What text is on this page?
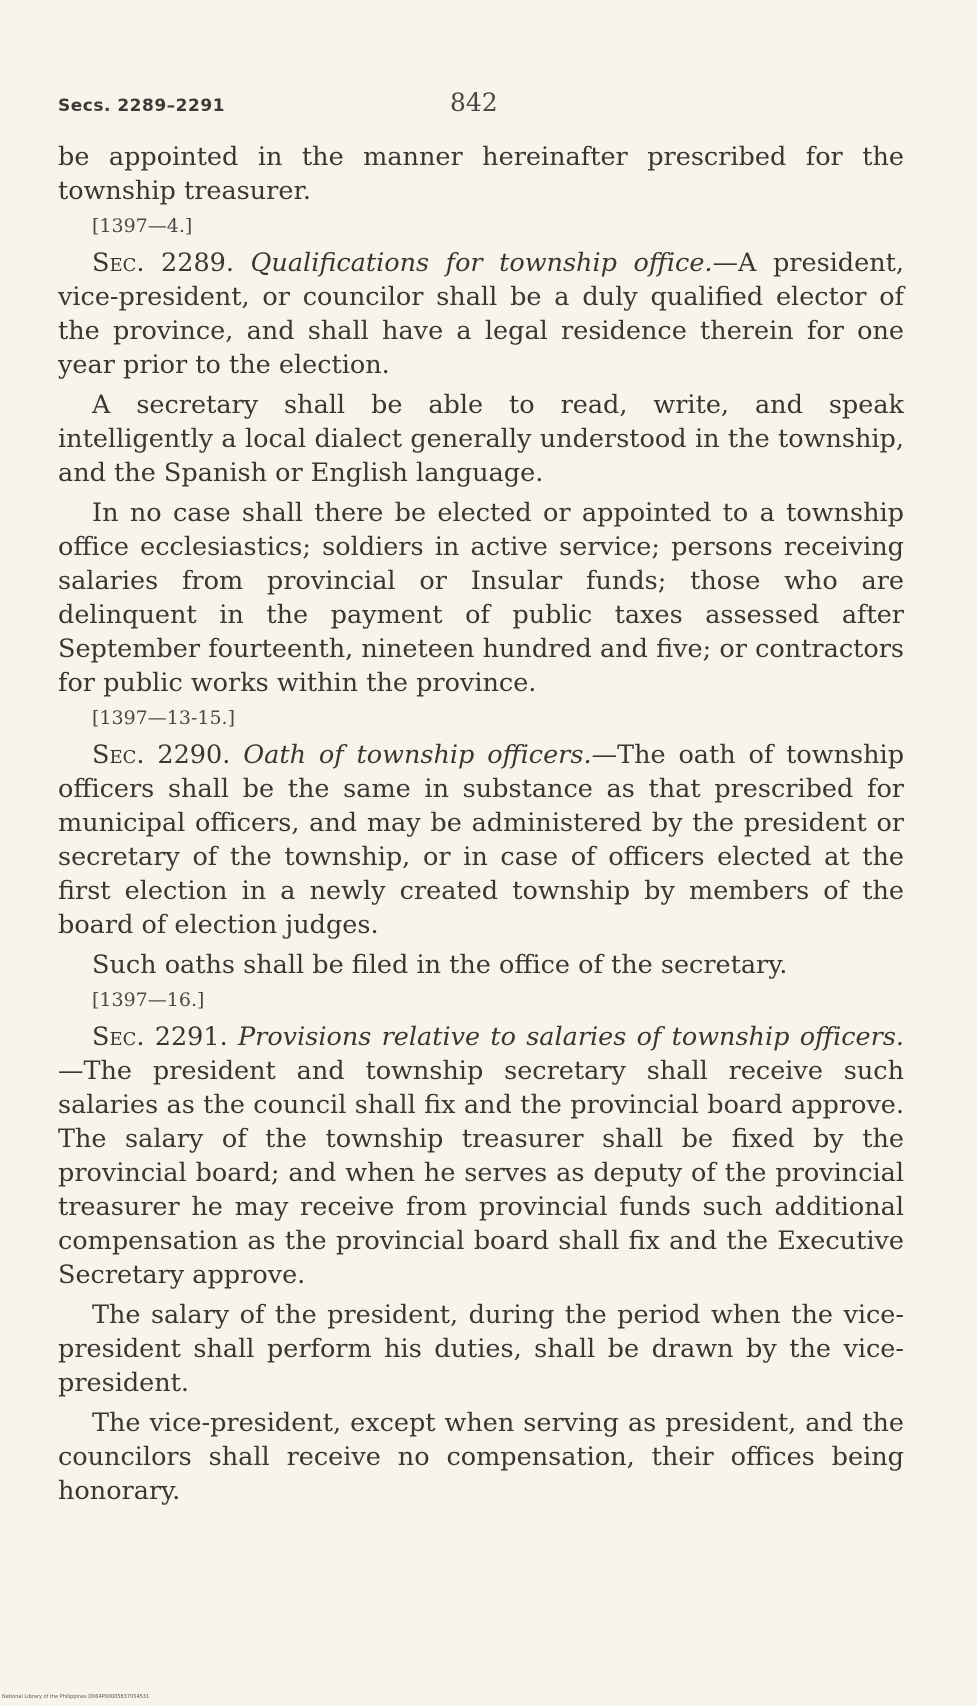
Secs. 2289–2291	842

be appointed in the manner hereinafter prescribed for the township treasurer.

[1397—4.]

Sec. 2289. Qualifications for township office.—A president, vice-president, or councilor shall be a duly qualified elector of the province, and shall have a legal residence therein for one year prior to the election.

A secretary shall be able to read, write, and speak intelligently a local dialect generally understood in the township, and the Spanish or English language.

In no case shall there be elected or appointed to a township office ecclesiastics; soldiers in active service; persons receiving salaries from provincial or Insular funds; those who are delinquent in the payment of public taxes assessed after September fourteenth, nineteen hundred and five; or contractors for public works within the province.

[1397—13-15.]

Sec. 2290. Oath of township officers.—The oath of township officers shall be the same in substance as that prescribed for municipal officers, and may be administered by the president or secretary of the township, or in case of officers elected at the first election in a newly created township by members of the board of election judges.

Such oaths shall be filed in the office of the secretary.

[1397—16.]

Sec. 2291. Provisions relative to salaries of township officers.—The president and township secretary shall receive such salaries as the council shall fix and the provincial board approve. The salary of the township treasurer shall be fixed by the provincial board; and when he serves as deputy of the provincial treasurer he may receive from provincial funds such additional compensation as the provincial board shall fix and the Executive Secretary approve.

The salary of the president, during the period when the vice-president shall perform his duties, shall be drawn by the vice-president.

The vice-president, except when serving as president, and the councilors shall receive no compensation, their offices being honorary.

National Library of the Philippines D064P00005837054531
